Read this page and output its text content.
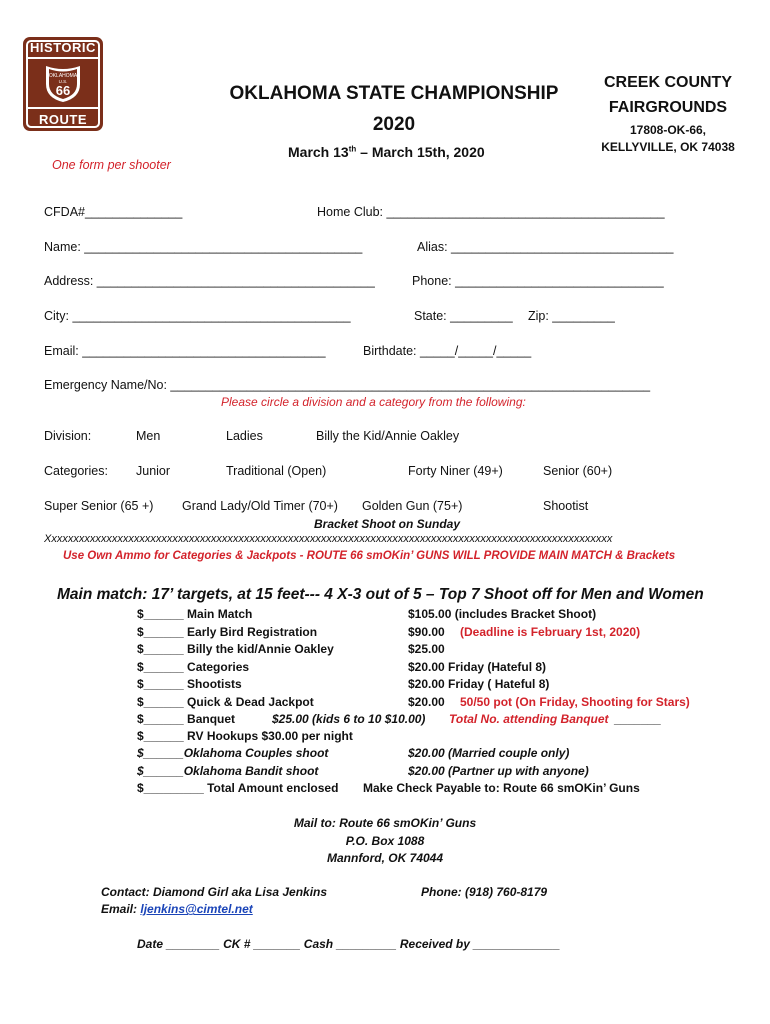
HISTORIC
OKLAHOMA
U.S.
66
ROUTE
OKLAHOMA STATE CHAMPIONSHIP
2020
March 13th – March 15th, 2020
CREEK COUNTY
FAIRGROUNDS
17808-OK-66,
KELLYVILLE, OK 74038
One form per shooter
CFDA#______________	Home Club: ________________________________________
Name: ________________________________________	Alias: ________________________________
Address: ________________________________________	Phone: ______________________________
City: ________________________________________	State: _________ Zip: _________
Email: ___________________________________	Birthdate: _____/_____/_____
Emergency Name/No: _____________________________________________________________________
Please circle a division and a category from the following:
Division:	Men	Ladies	Billy the Kid/Annie Oakley
Categories: Junior	Traditional (Open)	Forty Niner (49+)	Senior (60+)
Super Senior (65 +) Grand Lady/Old Timer (70+) Golden Gun (75+)	Shootist
Bracket Shoot on Sunday
Xxxxxxxxxxxxxxxxxxxxxxxxxxxxxxxxxxxxxxxxxxxxxxxxxxxxxxxxxxxxxxxxxxxxxxxxxxxxxxxxxxxxxxxxxxxxxxxxxxxxxxx
Use Own Ammo for Categories & Jackpots - ROUTE 66 smOKin’ GUNS WILL PROVIDE MAIN MATCH & Brackets
Main match: 17’ targets, at 15 feet--- 4 X-3 out of 5 – Top 7 Shoot off for Men and Women
$______ Main Match	$105.00 (includes Bracket Shoot)
$______ Early Bird Registration	$90.00 (Deadline is February 1st, 2020)
$______ Billy the kid/Annie Oakley	$25.00
$______ Categories	$20.00 Friday (Hateful 8)
$______ Shootists	$20.00 Friday ( Hateful 8)
$______ Quick & Dead Jackpot	$20.00 50/50 pot (On Friday, Shooting for Stars)
$______ Banquet	$25.00 (kids 6 to 10 $10.00) Total No. attending Banquet _______
$______ RV Hookups $30.00 per night
$______Oklahoma Couples shoot	$20.00 (Married couple only)
$______Oklahoma Bandit shoot	$20.00 (Partner up with anyone)
$_________ Total Amount enclosed Make Check Payable to: Route 66 smOKin’ Guns
Mail to: Route 66 smOKin’ Guns
P.O. Box 1088
Mannford, OK 74044
Contact: Diamond Girl aka Lisa Jenkins	Phone: (918) 760-8179
Email: ljenkins@cimtel.net
Date ________ CK # _______ Cash _________ Received by _____________
